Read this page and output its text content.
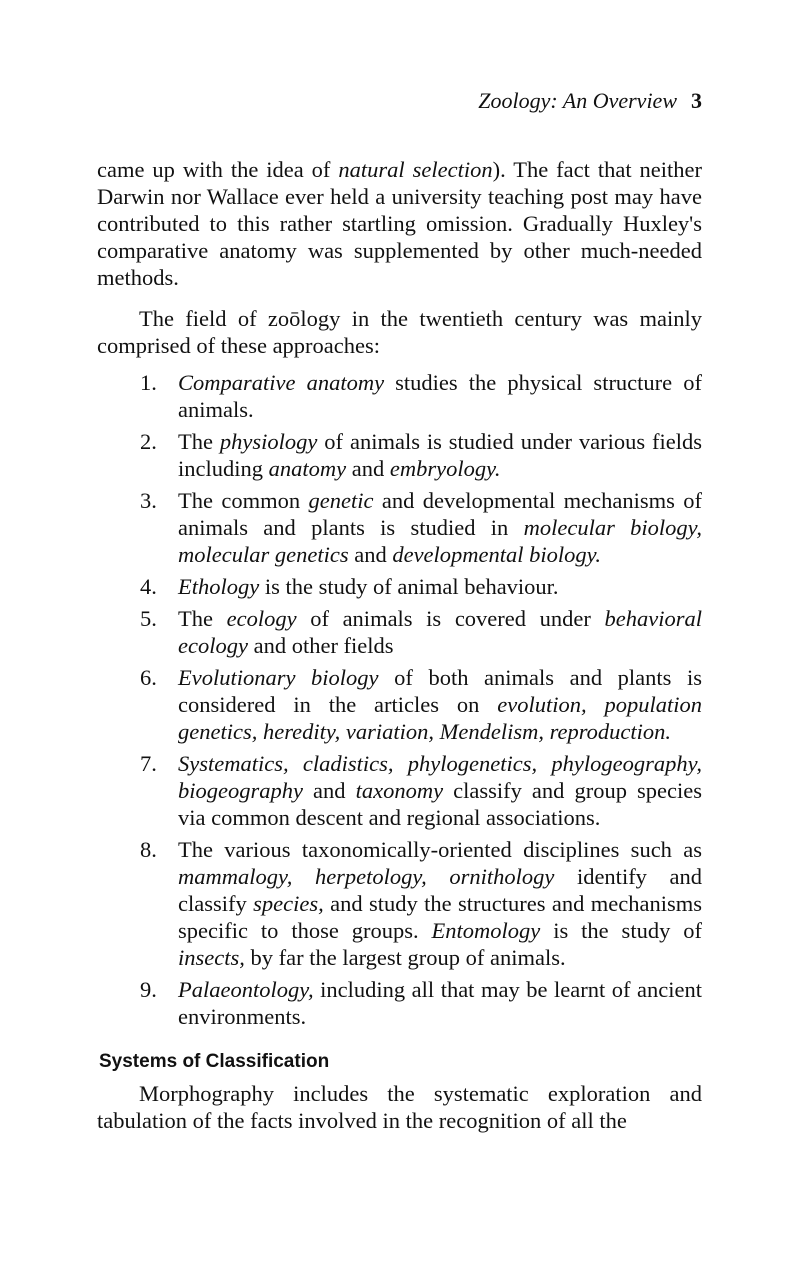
Zoology: An Overview 3

came up with the idea of natural selection). The fact that neither Darwin nor Wallace ever held a university teaching post may have contributed to this rather startling omission. Gradually Huxley's comparative anatomy was supplemented by other much-needed methods.

The field of zoōlogy in the twentieth century was mainly comprised of these approaches:

1. Comparative anatomy studies the physical structure of animals.
2. The physiology of animals is studied under various fields including anatomy and embryology.
3. The common genetic and developmental mechanisms of animals and plants is studied in molecular biology, molecular genetics and developmental biology.
4. Ethology is the study of animal behaviour.
5. The ecology of animals is covered under behavioral ecology and other fields
6. Evolutionary biology of both animals and plants is considered in the articles on evolution, population genetics, heredity, variation, Mendelism, reproduction.
7. Systematics, cladistics, phylogenetics, phylogeography, biogeography and taxonomy classify and group species via common descent and regional associations.
8. The various taxonomically-oriented disciplines such as mammalogy, herpetology, ornithology identify and classify species, and study the structures and mechanisms specific to those groups. Entomology is the study of insects, by far the largest group of animals.
9. Palaeontology, including all that may be learnt of ancient environments.
Systems of Classification

Morphography includes the systematic exploration and tabulation of the facts involved in the recognition of all the
